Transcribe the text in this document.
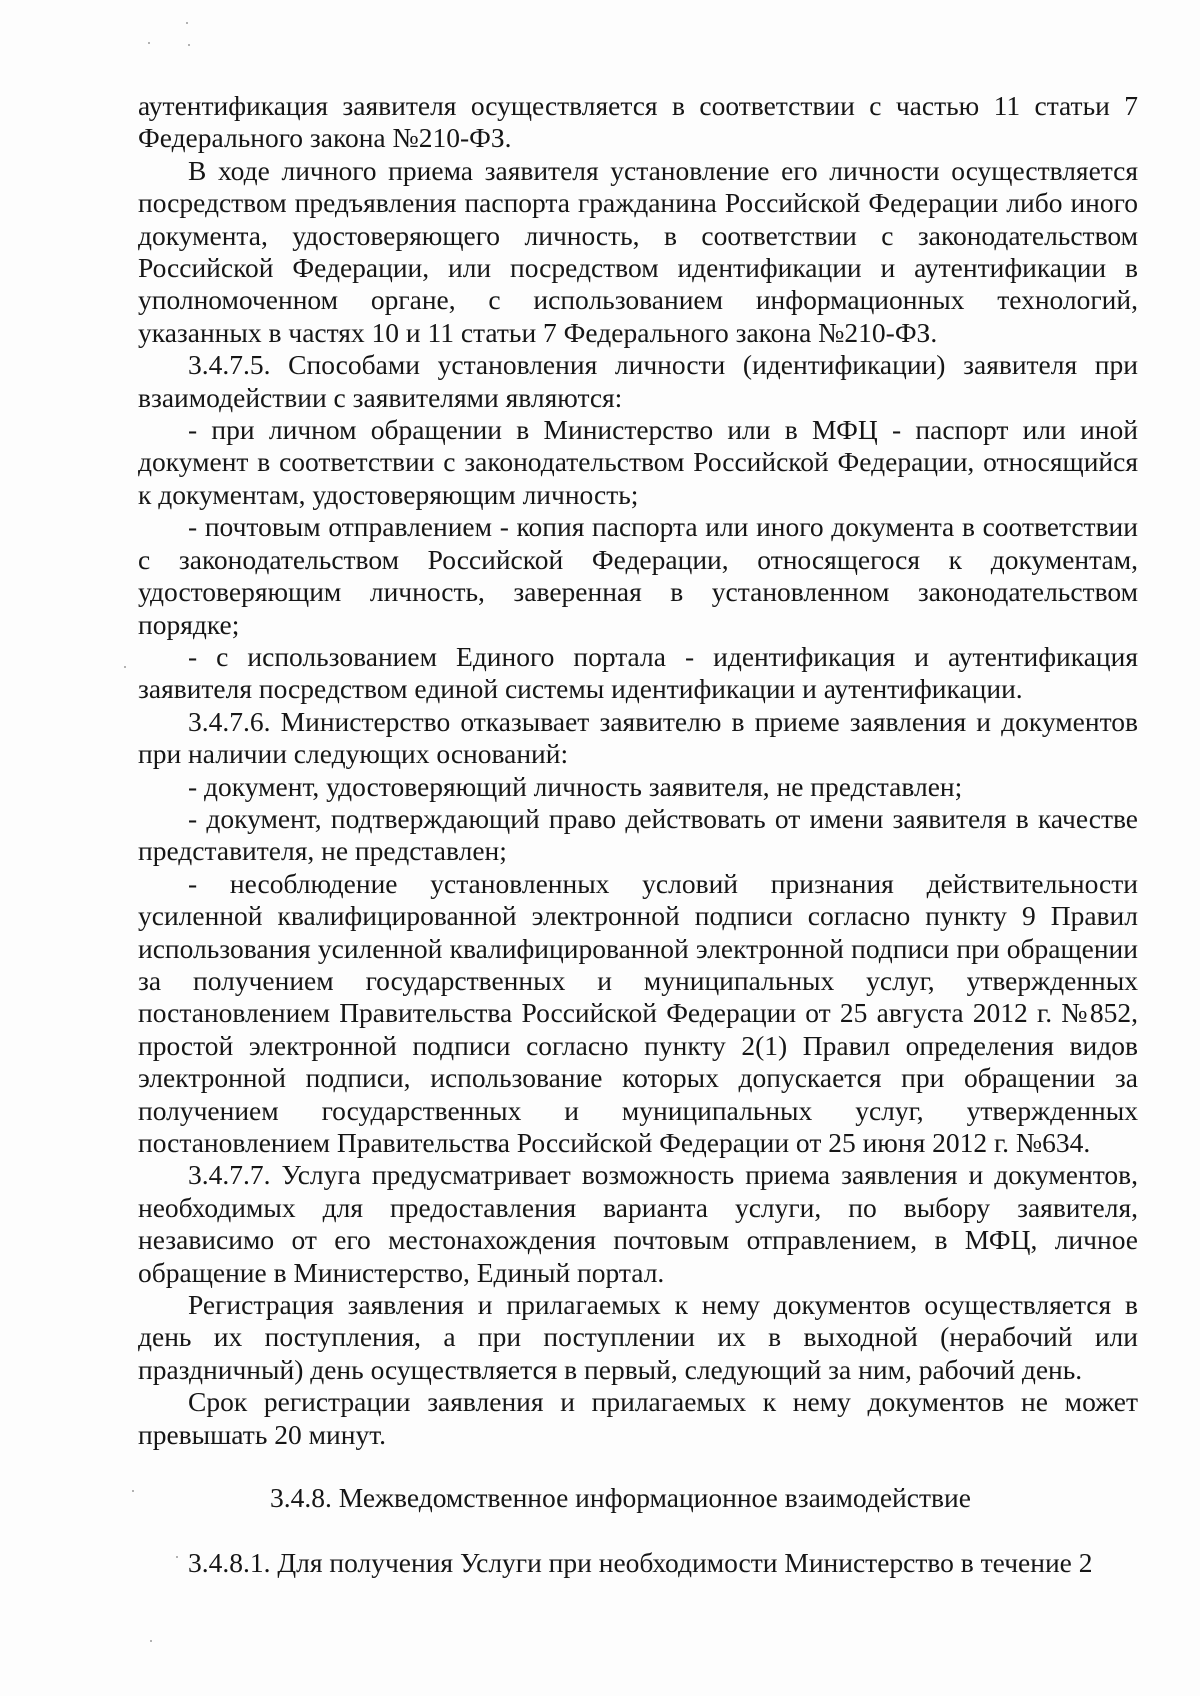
аутентификация заявителя осуществляется в соответствии с частью 11 статьи 7 Федерального закона №210-ФЗ.

В ходе личного приема заявителя установление его личности осуществляется посредством предъявления паспорта гражданина Российской Федерации либо иного документа, удостоверяющего личность, в соответствии с законодательством Российской Федерации, или посредством идентификации и аутентификации в уполномоченном органе, с использованием информационных технологий, указанных в частях 10 и 11 статьи 7 Федерального закона №210-ФЗ.

3.4.7.5. Способами установления личности (идентификации) заявителя при взаимодействии с заявителями являются:

- при личном обращении в Министерство или в МФЦ - паспорт или иной документ в соответствии с законодательством Российской Федерации, относящийся к документам, удостоверяющим личность;

- почтовым отправлением - копия паспорта или иного документа в соответствии с законодательством Российской Федерации, относящегося к документам, удостоверяющим личность, заверенная в установленном законодательством порядке;

- с использованием Единого портала - идентификация и аутентификация заявителя посредством единой системы идентификации и аутентификации.

3.4.7.6. Министерство отказывает заявителю в приеме заявления и документов при наличии следующих оснований:

- документ, удостоверяющий личность заявителя, не представлен;

- документ, подтверждающий право действовать от имени заявителя в качестве представителя, не представлен;

- несоблюдение установленных условий признания действительности усиленной квалифицированной электронной подписи согласно пункту 9 Правил использования усиленной квалифицированной электронной подписи при обращении за получением государственных и муниципальных услуг, утвержденных постановлением Правительства Российской Федерации от 25 августа 2012 г. №852, простой электронной подписи согласно пункту 2(1) Правил определения видов электронной подписи, использование которых допускается при обращении за получением государственных и муниципальных услуг, утвержденных постановлением Правительства Российской Федерации от 25 июня 2012 г. №634.

3.4.7.7. Услуга предусматривает возможность приема заявления и документов, необходимых для предоставления варианта услуги, по выбору заявителя, независимо от его местонахождения почтовым отправлением, в МФЦ, личное обращение в Министерство, Единый портал.

Регистрация заявления и прилагаемых к нему документов осуществляется в день их поступления, а при поступлении их в выходной (нерабочий или праздничный) день осуществляется в первый, следующий за ним, рабочий день.

Срок регистрации заявления и прилагаемых к нему документов не может превышать 20 минут.

3.4.8. Межведомственное информационное взаимодействие

3.4.8.1. Для получения Услуги при необходимости Министерство в течение 2
